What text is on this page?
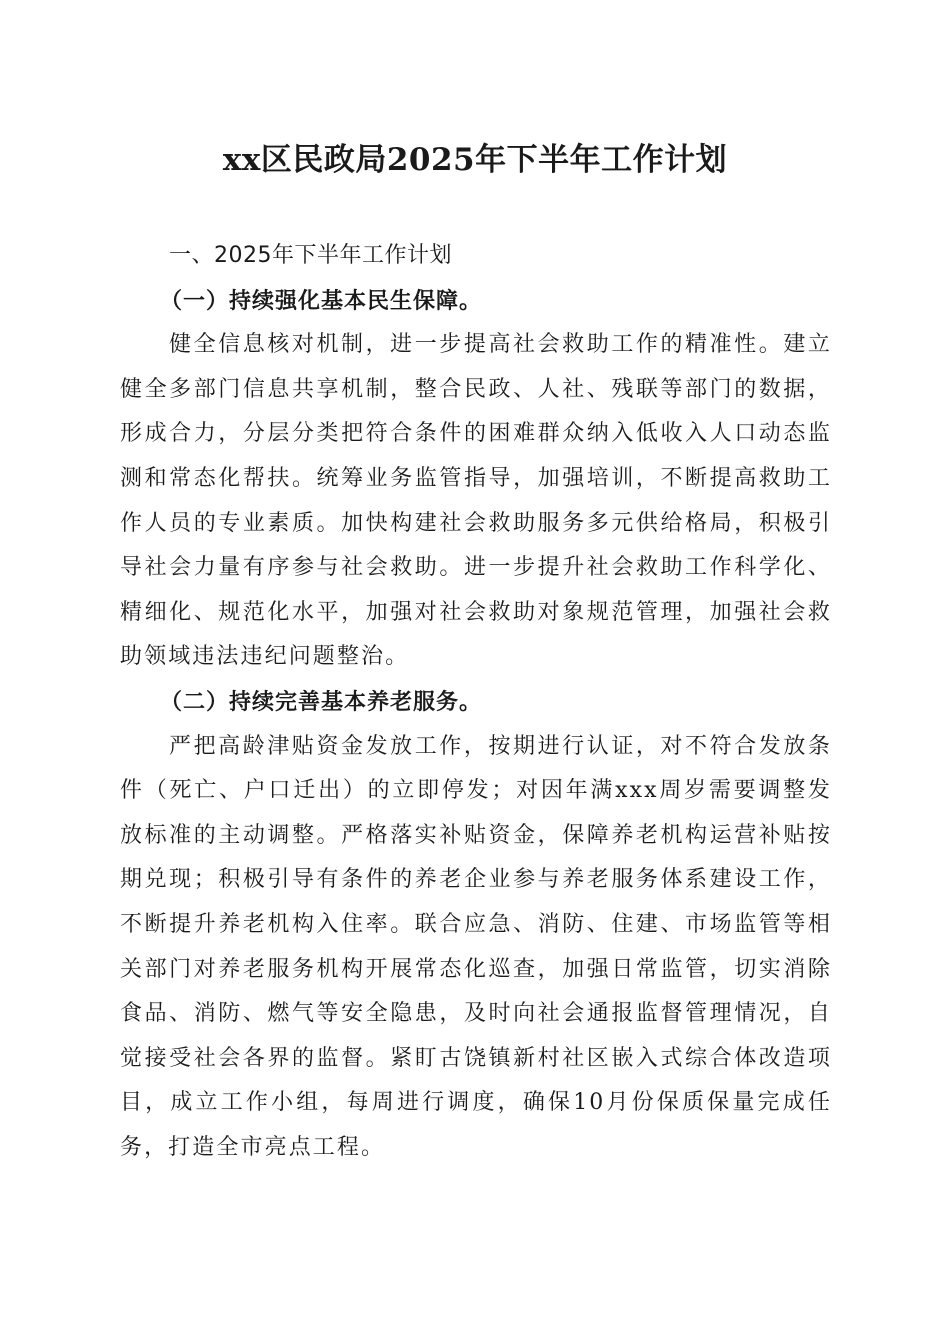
xx区民政局2025年下半年工作计划

一、2025年下半年工作计划

（一）持续强化基本民生保障。

健全信息核对机制，进一步提高社会救助工作的精准性。建立健全多部门信息共享机制，整合民政、人社、残联等部门的数据，形成合力，分层分类把符合条件的困难群众纳入低收入人口动态监测和常态化帮扶。统筹业务监管指导，加强培训，不断提高救助工作人员的专业素质。加快构建社会救助服务多元供给格局，积极引导社会力量有序参与社会救助。进一步提升社会救助工作科学化、精细化、规范化水平，加强对社会救助对象规范管理，加强社会救助领域违法违纪问题整治。

（二）持续完善基本养老服务。

严把高龄津贴资金发放工作，按期进行认证，对不符合发放条件（死亡、户口迁出）的立即停发；对因年满xxx周岁需要调整发放标准的主动调整。严格落实补贴资金，保障养老机构运营补贴按期兑现；积极引导有条件的养老企业参与养老服务体系建设工作，不断提升养老机构入住率。联合应急、消防、住建、市场监管等相关部门对养老服务机构开展常态化巡查，加强日常监管，切实消除食品、消防、燃气等安全隐患，及时向社会通报监督管理情况，自觉接受社会各界的监督。紧盯古饶镇新村社区嵌入式综合体改造项目，成立工作小组，每周进行调度，确保10月份保质保量完成任务，打造全市亮点工程。
